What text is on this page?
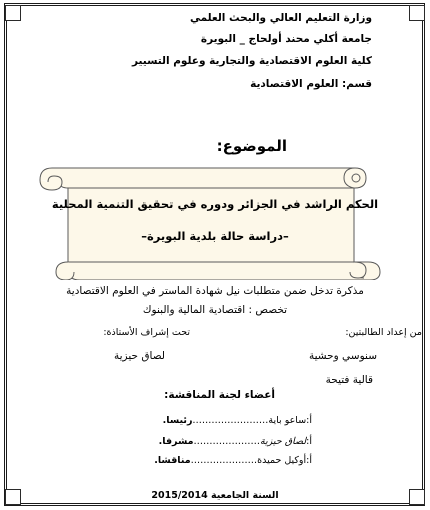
وزارة التعليم العالي والبحث العلمي
جامعة أكلي محند أولحاج _ البويرة
كلية العلوم الاقتصادية والتجارية وعلوم التسيير
قسم: العلوم الاقتصادية
الموضوع:
الحكم الراشد في الجزائر ودوره في تحقيق التنمية المحلية
–دراسة حالة بلدية البويرة–
مذكرة تدخل ضمن متطلبات نيل شهادة الماستر في العلوم الاقتصادية
تخصص : اقتصادية المالية والبنوك
من إعداد الطالبتين:
تحت إشراف الأستاذة:
سنوسي وحشية
لصاق حيزية
قالية فتيحة
أعضاء لجنة المناقشة:
أ:ساعو باية……………………رئيسا.
أ:لصاق حيزية…………………مشرفا.
أ:أوكيل حميدة…………………مناقشا.
السنة الجامعية 2015/2014
